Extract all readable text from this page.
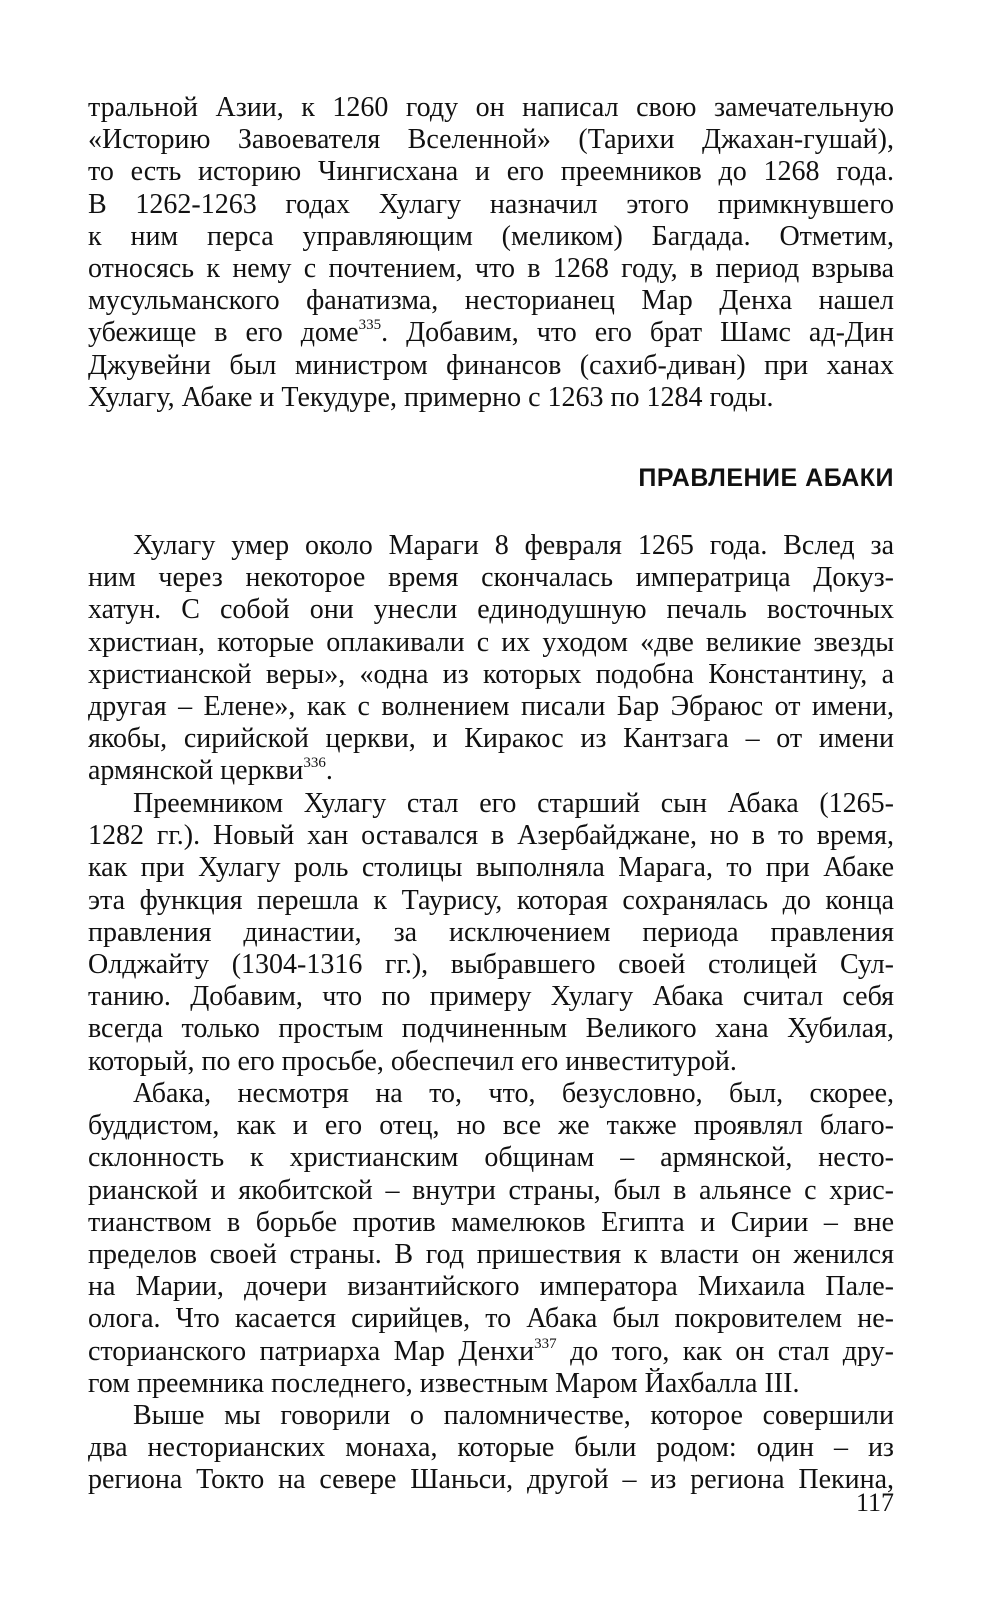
тральной Азии, к 1260 году он написал свою замечательную
«Историю Завоевателя Вселенной» (Тарихи Джахан-гушай),
то есть историю Чингисхана и его преемников до 1268 года.
В 1262-1263 годах Хулагу назначил этого примкнувшего
к ним перса управляющим (меликом) Багдада. Отметим,
относясь к нему с почтением, что в 1268 году, в период взрыва
мусульманского фанатизма, несторианец Мар Денха нашел
убежище в его доме$^{335}$. Добавим, что его брат Шамс ад-Дин
Джувейни был министром финансов (сахиб-диван) при ханах
Хулагу, Абаке и Текудуре, примерно с 1263 по 1284 годы.
ПРАВЛЕНИЕ АБАКИ
Хулагу умер около Мараги 8 февраля 1265 года. Вслед за
ним через некоторое время скончалась императрица Докуз-
хатун. С собой они унесли единодушную печаль восточных
христиан, которые оплакивали с их уходом «две великие звезды
христианской веры», «одна из которых подобна Константину, а
другая – Елене», как с волнением писали Бар Эбраюс от имени,
якобы, сирийской церкви, и Киракос из Кантзага – от имени
армянской церкви$^{336}$.
Преемником Хулагу стал его старший сын Абака (1265-
1282 гг.). Новый хан оставался в Азербайджане, но в то время,
как при Хулагу роль столицы выполняла Марага, то при Абаке
эта функция перешла к Таурису, которая сохранялась до конца
правления династии, за исключением периода правления
Олджайту (1304-1316 гг.), выбравшего своей столицей Сул-
танию. Добавим, что по примеру Хулагу Абака считал себя
всегда только простым подчиненным Великого хана Хубилая,
который, по его просьбе, обеспечил его инвеститурой.
Абака, несмотря на то, что, безусловно, был, скорее,
буддистом, как и его отец, но все же также проявлял благо-
склонность к христианским общинам – армянской, несто-
рианской и якобитской – внутри страны, был в альянсе с хрис-
тианством в борьбе против мамелюков Египта и Сирии – вне
пределов своей страны. В год пришествия к власти он женился
на Марии, дочери византийского императора Михаила Пале-
олога. Что касается сирийцев, то Абака был покровителем не-
сторианского патриарха Мар Денхи$^{337}$ до того, как он стал дру-
гом преемника последнего, известным Маром Йахбалла III.
Выше мы говорили о паломничестве, которое совершили
два несторианских монаха, которые были родом: один – из
региона Токто на севере Шаньси, другой – из региона Пекина,
117
